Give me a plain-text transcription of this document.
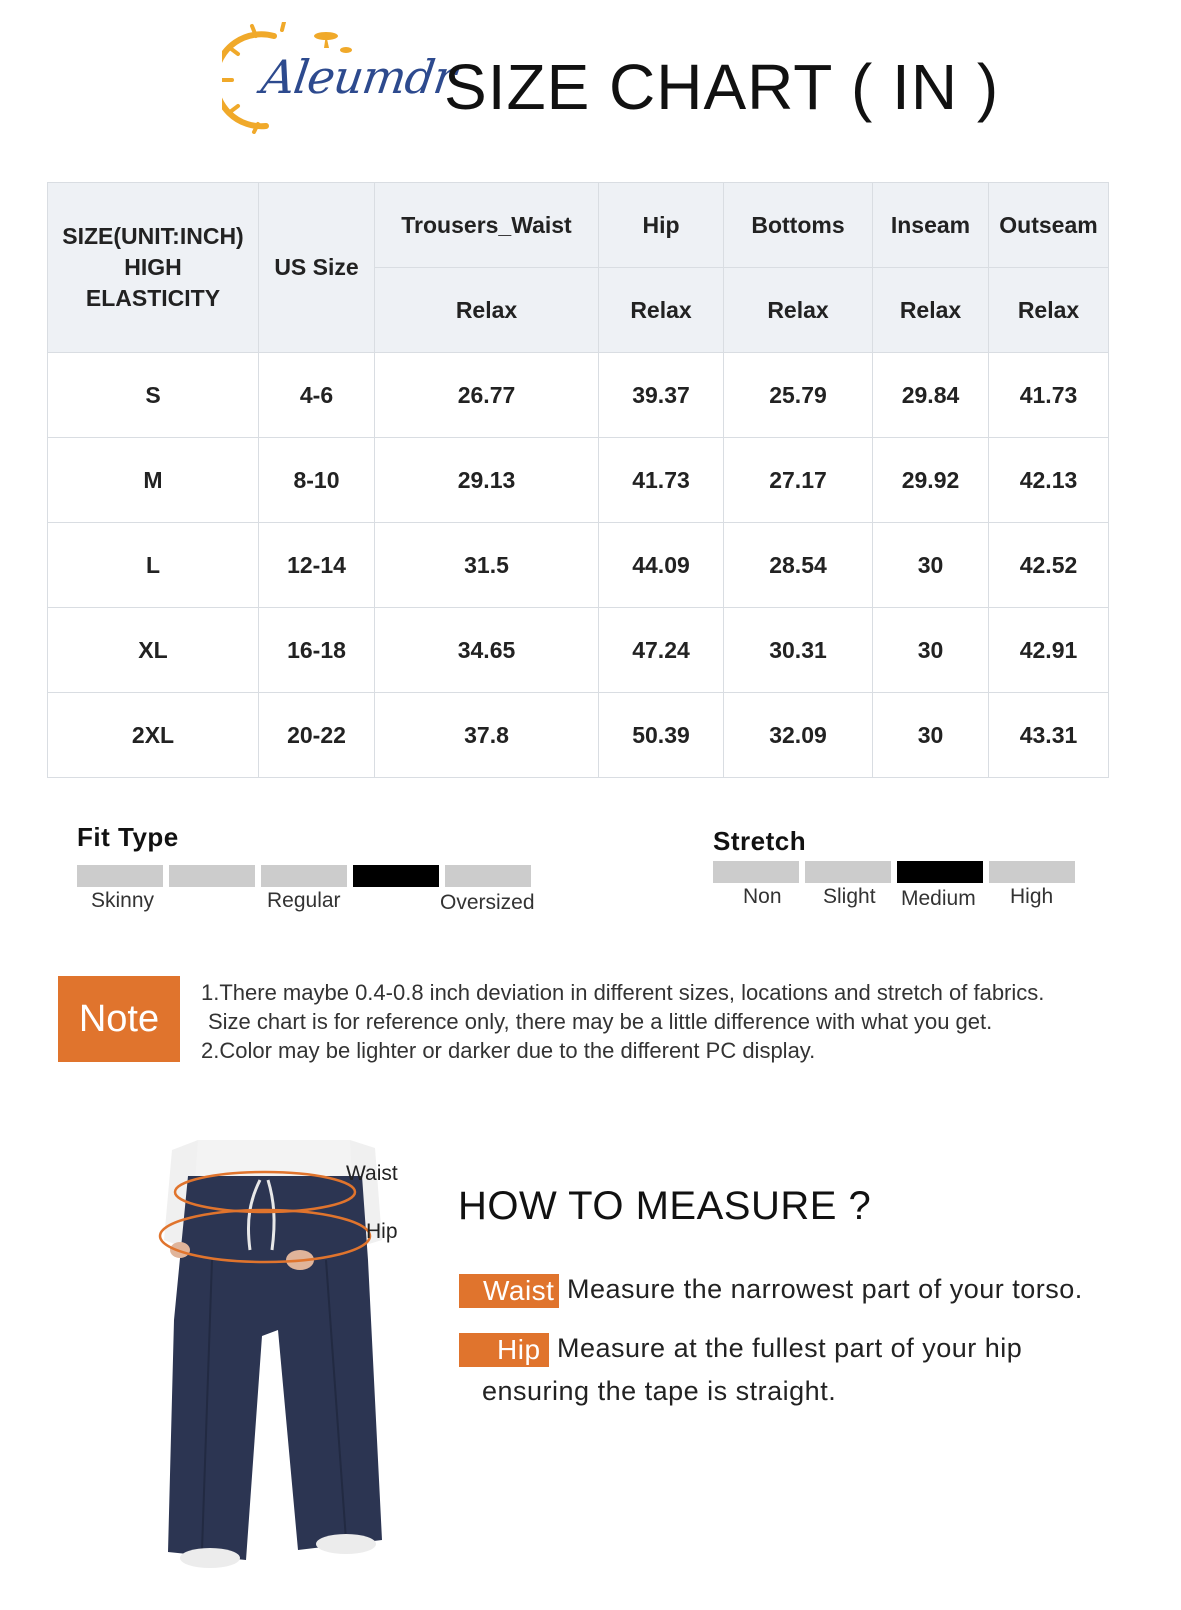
Aleumdr
SIZE CHART ( IN )
SIZE(UNIT:INCH)
HIGH
ELASTICITY	US Size	Trousers_Waist	Hip	Bottoms	Inseam	Outseam
		Relax	Relax	Relax	Relax	Relax
S	4-6	26.77	39.37	25.79	29.84	41.73
M	8-10	29.13	41.73	27.17	29.92	42.13
L	12-14	31.5	44.09	28.54	30	42.52
XL	16-18	34.65	47.24	30.31	30	42.91
2XL	20-22	37.8	50.39	32.09	30	43.31
Fit Type
Skinny	Regular	Oversized
Stretch
Non Slight Medium High
Note
1.There maybe 0.4-0.8 inch deviation in different sizes, locations and stretch of fabrics.
Size chart is for reference only, there may be a little difference with what you get.
2.Color may be lighter or darker due to the different PC display.
Waist
Hip
HOW TO MEASURE ?
Waist Measure the narrowest part of your torso.
Hip Measure at the fullest part of your hip
ensuring the tape is straight.
